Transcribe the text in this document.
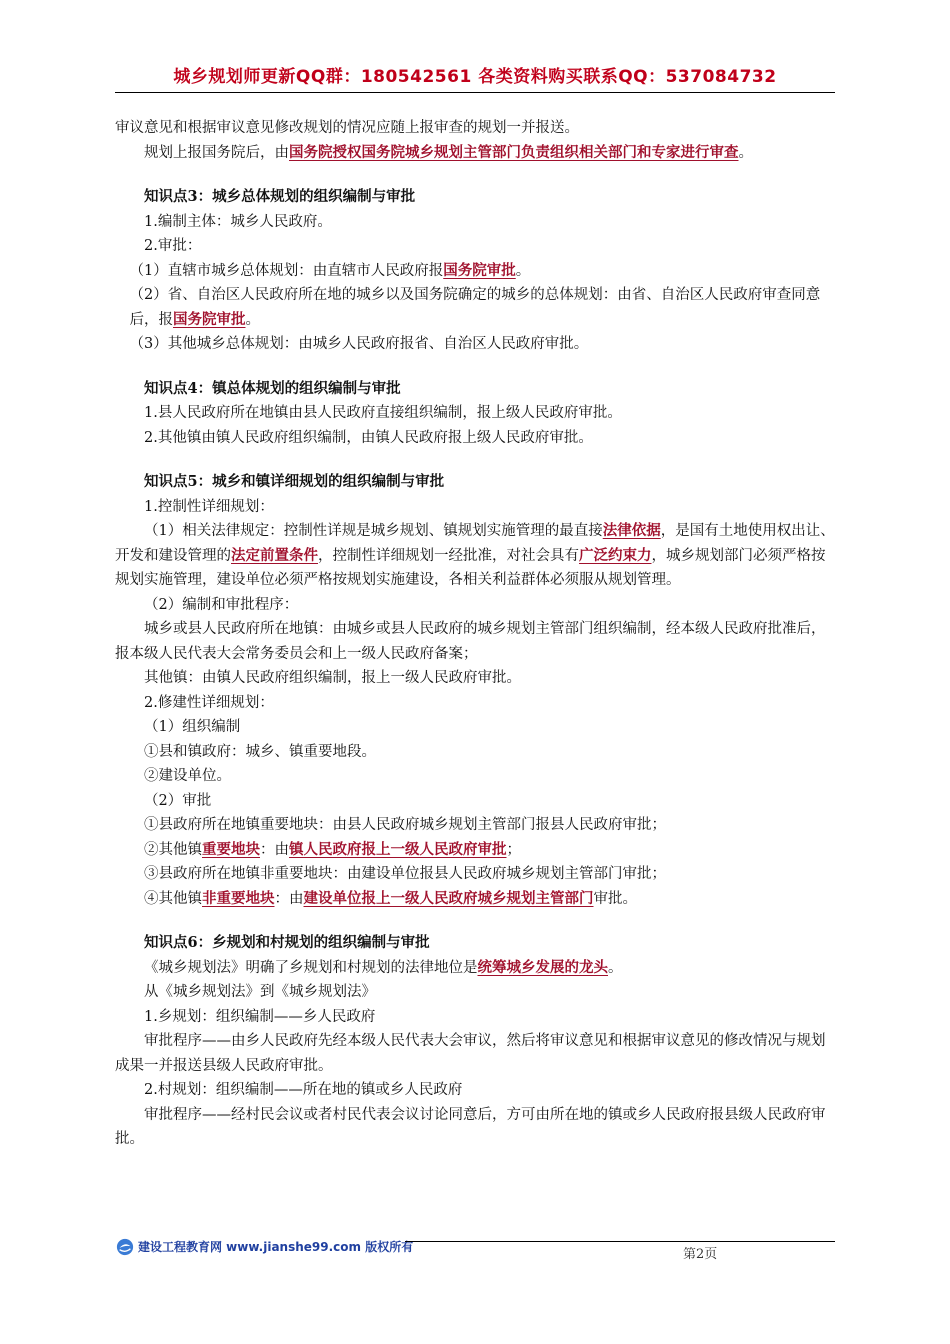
城乡规划师更新QQ群：180542561 各类资料购买联系QQ：537084732

审议意见和根据审议意见修改规划的情况应随上报审查的规划一并报送。

规划上报国务院后，由国务院授权国务院城乡规划主管部门负责组织相关部门和专家进行审查。

知识点3：城乡总体规划的组织编制与审批

1.编制主体：城乡人民政府。

2.审批：

（1）直辖市城乡总体规划：由直辖市人民政府报国务院审批。

（2）省、自治区人民政府所在地的城乡以及国务院确定的城乡的总体规划：由省、自治区人民政府审查同意后，报国务院审批。

（3）其他城乡总体规划：由城乡人民政府报省、自治区人民政府审批。

知识点4：镇总体规划的组织编制与审批

1.县人民政府所在地镇由县人民政府直接组织编制，报上级人民政府审批。

2.其他镇由镇人民政府组织编制，由镇人民政府报上级人民政府审批。

知识点5：城乡和镇详细规划的组织编制与审批

1.控制性详细规划：

（1）相关法律规定：控制性详规是城乡规划、镇规划实施管理的最直接法律依据，是国有土地使用权出让、开发和建设管理的法定前置条件，控制性详细规划一经批准，对社会具有广泛约束力，城乡规划部门必须严格按规划实施管理，建设单位必须严格按规划实施建设，各相关利益群体必须服从规划管理。

（2）编制和审批程序：

城乡或县人民政府所在地镇：由城乡或县人民政府的城乡规划主管部门组织编制，经本级人民政府批准后，报本级人民代表大会常务委员会和上一级人民政府备案；

其他镇：由镇人民政府组织编制，报上一级人民政府审批。

2.修建性详细规划：

（1）组织编制

①县和镇政府：城乡、镇重要地段。

②建设单位。

（2）审批

①县政府所在地镇重要地块：由县人民政府城乡规划主管部门报县人民政府审批；

②其他镇重要地块：由镇人民政府报上一级人民政府审批；

③县政府所在地镇非重要地块：由建设单位报县人民政府城乡规划主管部门审批；

④其他镇非重要地块：由建设单位报上一级人民政府城乡规划主管部门审批。

知识点6：乡规划和村规划的组织编制与审批

《城乡规划法》明确了乡规划和村规划的法律地位是统筹城乡发展的龙头。

从《城乡规划法》到《城乡规划法》

1.乡规划：组织编制——乡人民政府

审批程序——由乡人民政府先经本级人民代表大会审议，然后将审议意见和根据审议意见的修改情况与规划成果一并报送县级人民政府审批。

2.村规划：组织编制——所在地的镇或乡人民政府

审批程序——经村民会议或者村民代表会议讨论同意后，方可由所在地的镇或乡人民政府报县级人民政府审批。

建设工程教育网 www.jianshe99.com 版权所有	第2页
